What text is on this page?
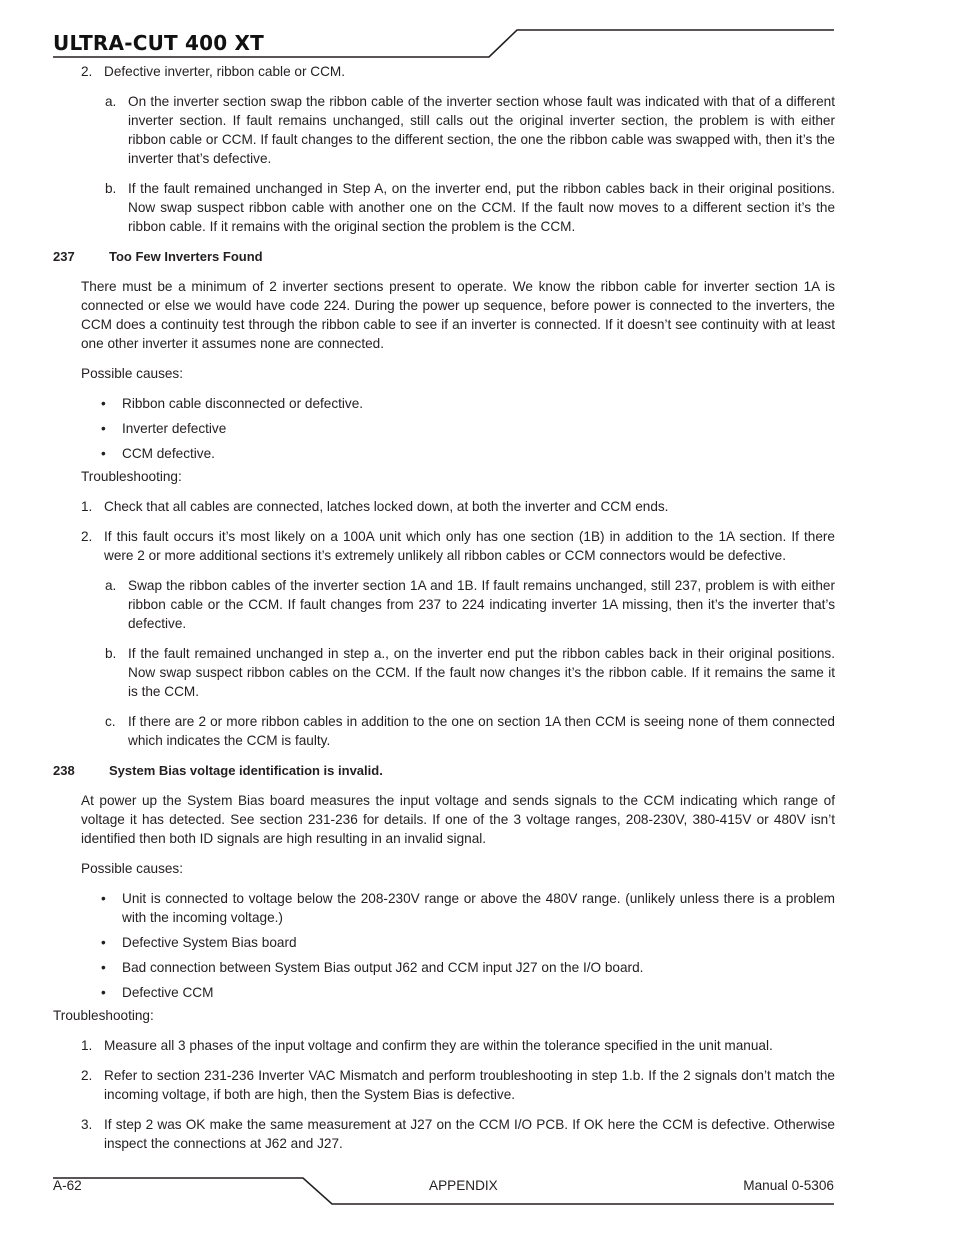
ULTRA-CUT 400 XT
2. Defective inverter, ribbon cable or CCM.
a. On the inverter section swap the ribbon cable of the inverter section whose fault was indicated with that of a different inverter section. If fault remains unchanged, still calls out the original inverter section, the problem is with either ribbon cable or CCM. If fault changes to the different section, the one the ribbon cable was swapped with, then it’s the inverter that’s defective.
b. If the fault remained unchanged in Step A, on the inverter end, put the ribbon cables back in their original positions. Now swap suspect ribbon cable with another one on the CCM. If the fault now moves to a different section it’s the ribbon cable. If it remains with the original section the problem is the CCM.
237	Too Few Inverters Found
There must be a minimum of 2 inverter sections present to operate. We know the ribbon cable for inverter section 1A is connected or else we would have code 224. During the power up sequence, before power is connected to the inverters, the CCM does a continuity test through the ribbon cable to see if an inverter is connected. If it doesn’t see continuity with at least one other inverter it assumes none are connected.
Possible causes:
•	Ribbon cable disconnected or defective.
•	Inverter defective
•	CCM defective.
Troubleshooting:
1. Check that all cables are connected, latches locked down, at both the inverter and CCM ends.
2. If this fault occurs it’s most likely on a 100A unit which only has one section (1B) in addition to the 1A section. If there were 2 or more additional sections it’s extremely unlikely all ribbon cables or CCM connectors would be defective.
a. Swap the ribbon cables of the inverter section 1A and 1B. If fault remains unchanged, still 237, problem is with either ribbon cable or the CCM. If fault changes from 237 to 224 indicating inverter 1A missing, then it’s the inverter that’s defective.
b. If the fault remained unchanged in step a., on the inverter end put the ribbon cables back in their original positions. Now swap suspect ribbon cables on the CCM. If the fault now changes it’s the ribbon cable. If it remains the same it is the CCM.
c. If there are 2 or more ribbon cables in addition to the one on section 1A then CCM is seeing none of them connected which indicates the CCM is faulty.
238	System Bias voltage identification is invalid.
At power up the System Bias board measures the input voltage and sends signals to the CCM indicating which range of voltage it has detected. See section 231-236 for details. If one of the 3 voltage ranges, 208-230V, 380-415V or 480V isn’t identified then both ID signals are high resulting in an invalid signal.
Possible causes:
•	Unit is connected to voltage below the 208-230V range or above the 480V range. (unlikely unless there is a problem with the incoming voltage.)
•	Defective System Bias board
•	Bad connection between System Bias output J62 and CCM input J27 on the I/O board.
•	Defective CCM
Troubleshooting:
1. Measure all 3 phases of the input voltage and confirm they are within the tolerance specified in the unit manual.
2. Refer to section 231-236 Inverter VAC Mismatch and perform troubleshooting in step 1.b. If the 2 signals don’t match the incoming voltage, if both are high, then the System Bias is defective.
3. If step 2 was OK make the same measurement at J27 on the CCM I/O PCB. If OK here the CCM is defective. Otherwise inspect the connections at J62 and J27.
A-62	APPENDIX	Manual 0-5306
